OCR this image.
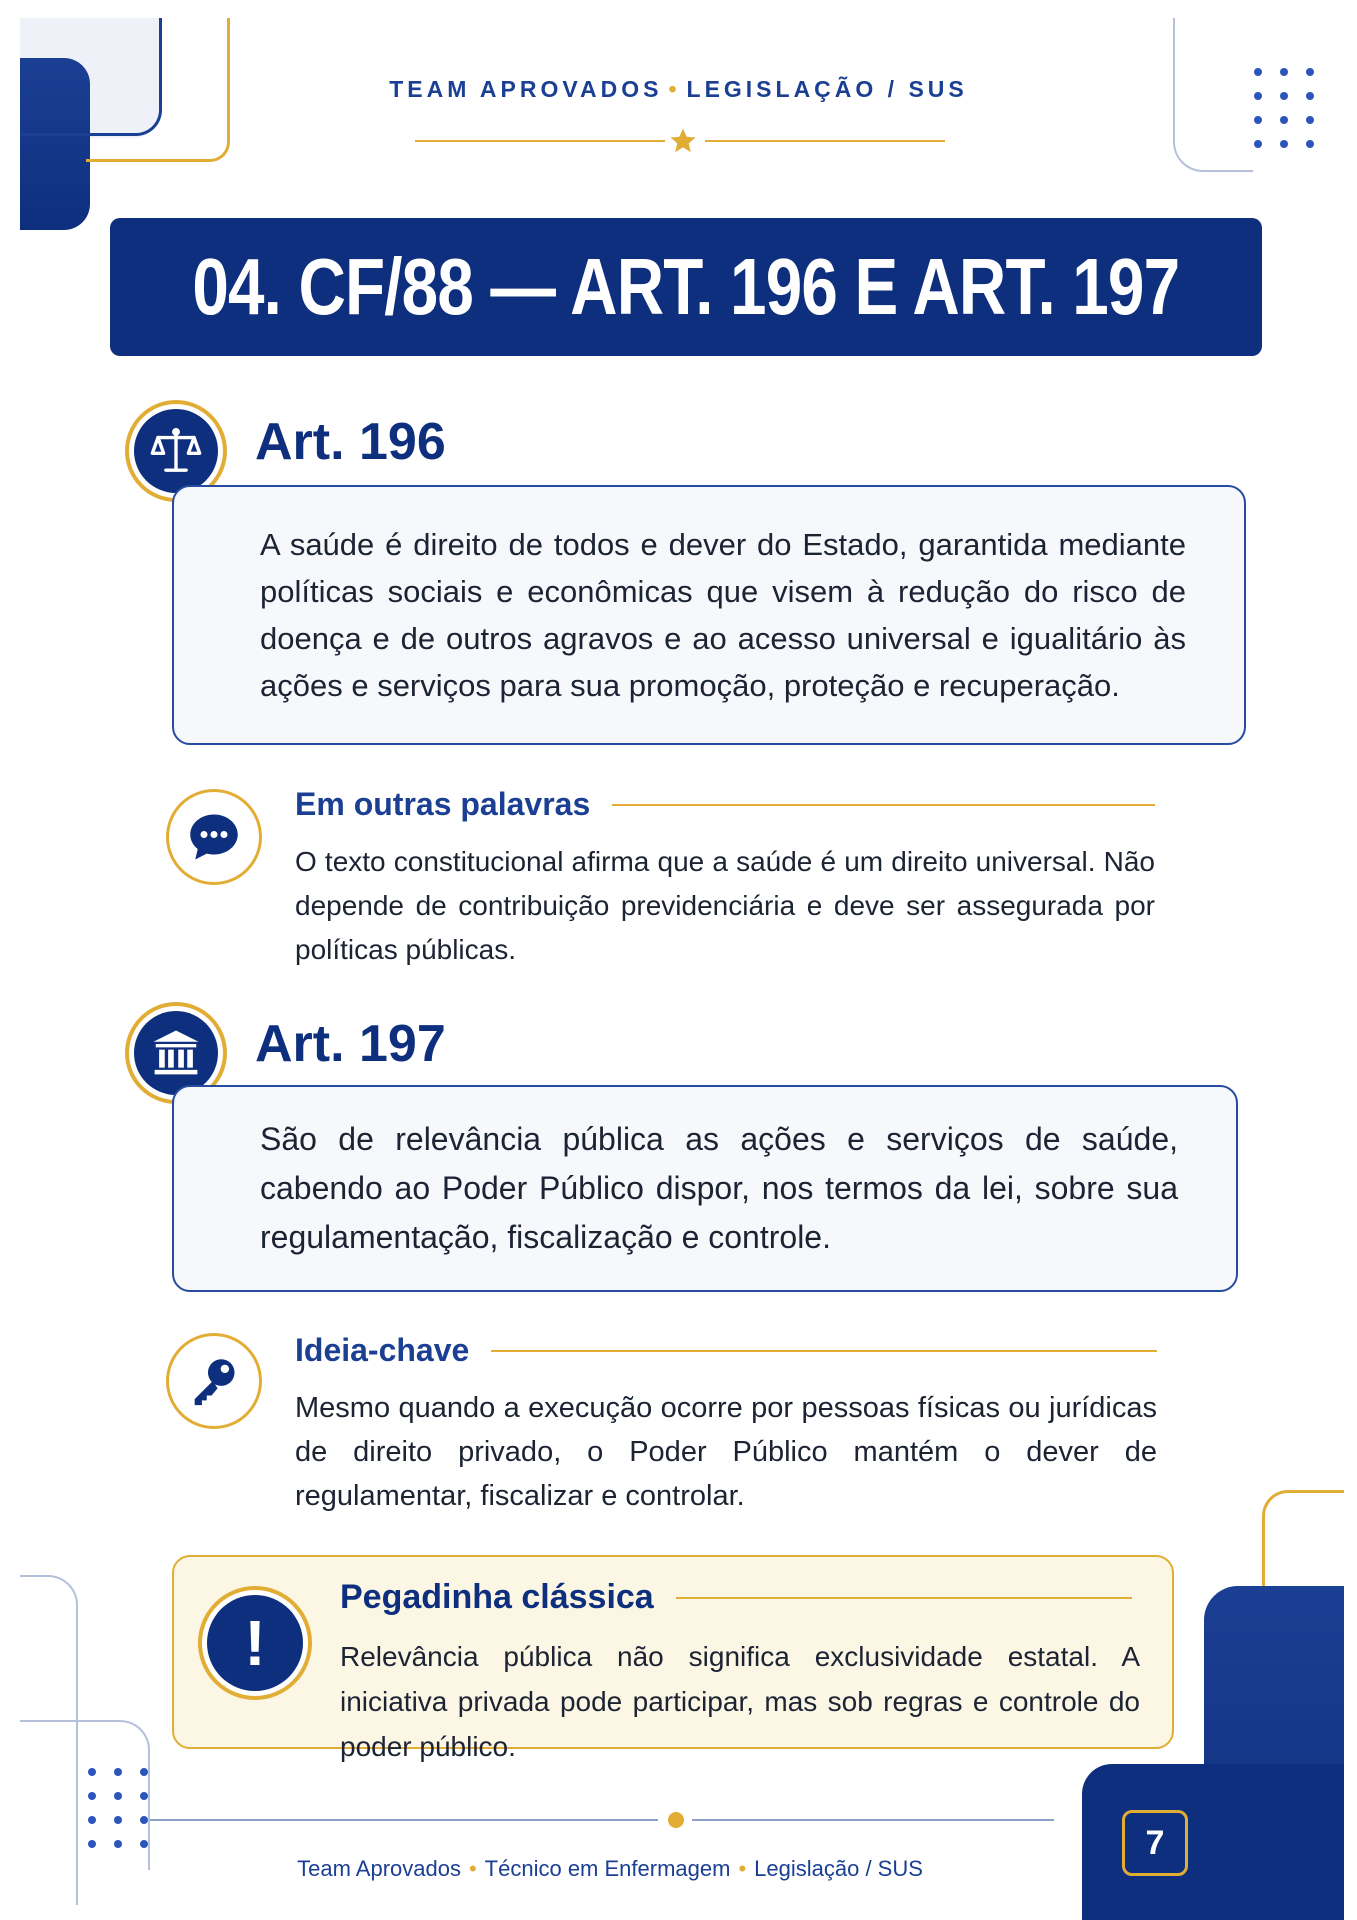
TEAM APROVADOS • LEGISLAÇÃO / SUS
04. CF/88 — ART. 196 E ART. 197
Art. 196

A saúde é direito de todos e dever do Estado, garantida mediante políticas sociais e econômicas que visem à redução do risco de doença e de outros agravos e ao acesso universal e igualitário às ações e serviços para sua promoção, proteção e recuperação.

Em outras palavras

O texto constitucional afirma que a saúde é um direito universal. Não depende de contribuição previdenciária e deve ser assegurada por políticas públicas.

Art. 197

São de relevância pública as ações e serviços de saúde, cabendo ao Poder Público dispor, nos termos da lei, sobre sua regulamentação, fiscalização e controle.

Ideia-chave

Mesmo quando a execução ocorre por pessoas físicas ou jurídicas de direito privado, o Poder Público mantém o dever de regulamentar, fiscalizar e controlar.

!
Pegadinha clássica

Relevância pública não significa exclusividade estatal. A iniciativa privada pode participar, mas sob regras e controle do poder público.

Team Aprovados • Técnico em Enfermagem • Legislação / SUS
7
